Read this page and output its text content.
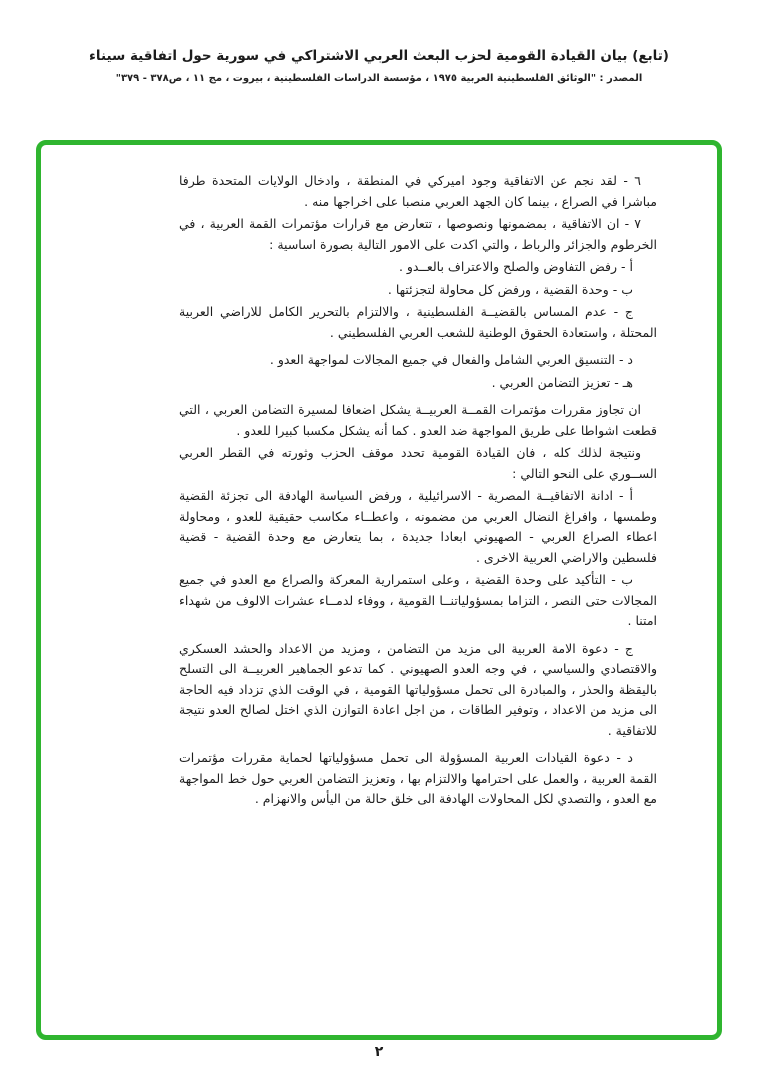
(تابع) بيان القيادة القومية لحزب البعث العربي الاشتراكي في سورية حول اتفاقية سيناء
المصدر : "الوثائق الفلسطينية العربية ١٩٧٥ ، مؤسسة الدراسات الفلسطينية ، بيروت ، مج ١١ ، ص٣٧٨ - ٣٧٩"

٦ - لقد نجم عن الاتفاقية وجود اميركي في المنطقة ، وادخال الولايات المتحدة طرفا مباشرا في الصراع ، بينما كان الجهد العربي منصبا على اخراجها منه .

٧ - ان الاتفاقية ، بمضمونها ونصوصها ، تتعارض مع قرارات مؤتمرات القمة العربية ، في الخرطوم والجزائر والرباط ، والتي اكدت على الامور التالية بصورة اساسية :

أ - رفض التفاوض والصلح والاعتراف بالعــدو .

ب - وحدة القضية ، ورفض كل محاولة لتجزئتها .

ج - عدم المساس بالقضيــة الفلسطينية ، والالتزام بالتحرير الكامل للاراضي العربية المحتلة ، واستعادة الحقوق الوطنية للشعب العربي الفلسطيني .

د - التنسيق العربي الشامل والفعال في جميع المجالات لمواجهة العدو .

هـ - تعزيز التضامن العربي .

ان تجاوز مقررات مؤتمرات القمــة العربيــة يشكل اضعافا لمسيرة التضامن العربي ، التي قطعت اشواطا على طريق المواجهة ضد العدو . كما أنه يشكل مكسبا كبيرا للعدو .

ونتيجة لذلك كله ، فان القيادة القومية تحدد موقف الحزب وثورته في القطر العربي الســوري على النحو التالي :

أ - ادانة الاتفاقيــة المصرية - الاسرائيلية ، ورفض السياسة الهادفة الى تجزئة القضية وطمسها ، وافراغ النضال العربي من مضمونه ، واعطــاء مكاسب حقيقية للعدو ، ومحاولة اعطاء الصراع العربي - الصهيوني ابعادا جديدة ، بما يتعارض مع وحدة القضية - قضية فلسطين والاراضي العربية الاخرى .

ب - التأكيد على وحدة القضية ، وعلى استمرارية المعركة والصراع مع العدو في جميع المجالات حتى النصر ، التزاما بمسؤولياتنــا القومية ، ووفاء لدمــاء عشرات الالوف من شهداء امتنا .

ج - دعوة الامة العربية الى مزيد من التضامن ، ومزيد من الاعداد والحشد العسكري والاقتصادي والسياسي ، في وجه العدو الصهيوني . كما تدعو الجماهير العربيــة الى التسلح باليقظة والحذر ، والمبادرة الى تحمل مسؤولياتها القومية ، في الوقت الذي تزداد فيه الحاجة الى مزيد من الاعداد ، وتوفير الطاقات ، من اجل اعادة التوازن الذي اختل لصالح العدو نتيجة للاتفاقية .

د - دعوة القيادات العربية المسؤولة الى تحمل مسؤولياتها لحماية مقررات مؤتمرات القمة العربية ، والعمل على احترامها والالتزام بها ، وتعزيز التضامن العربي حول خط المواجهة مع العدو ، والتصدي لكل المحاولات الهادفة الى خلق حالة من اليأس والانهزام .

٢
